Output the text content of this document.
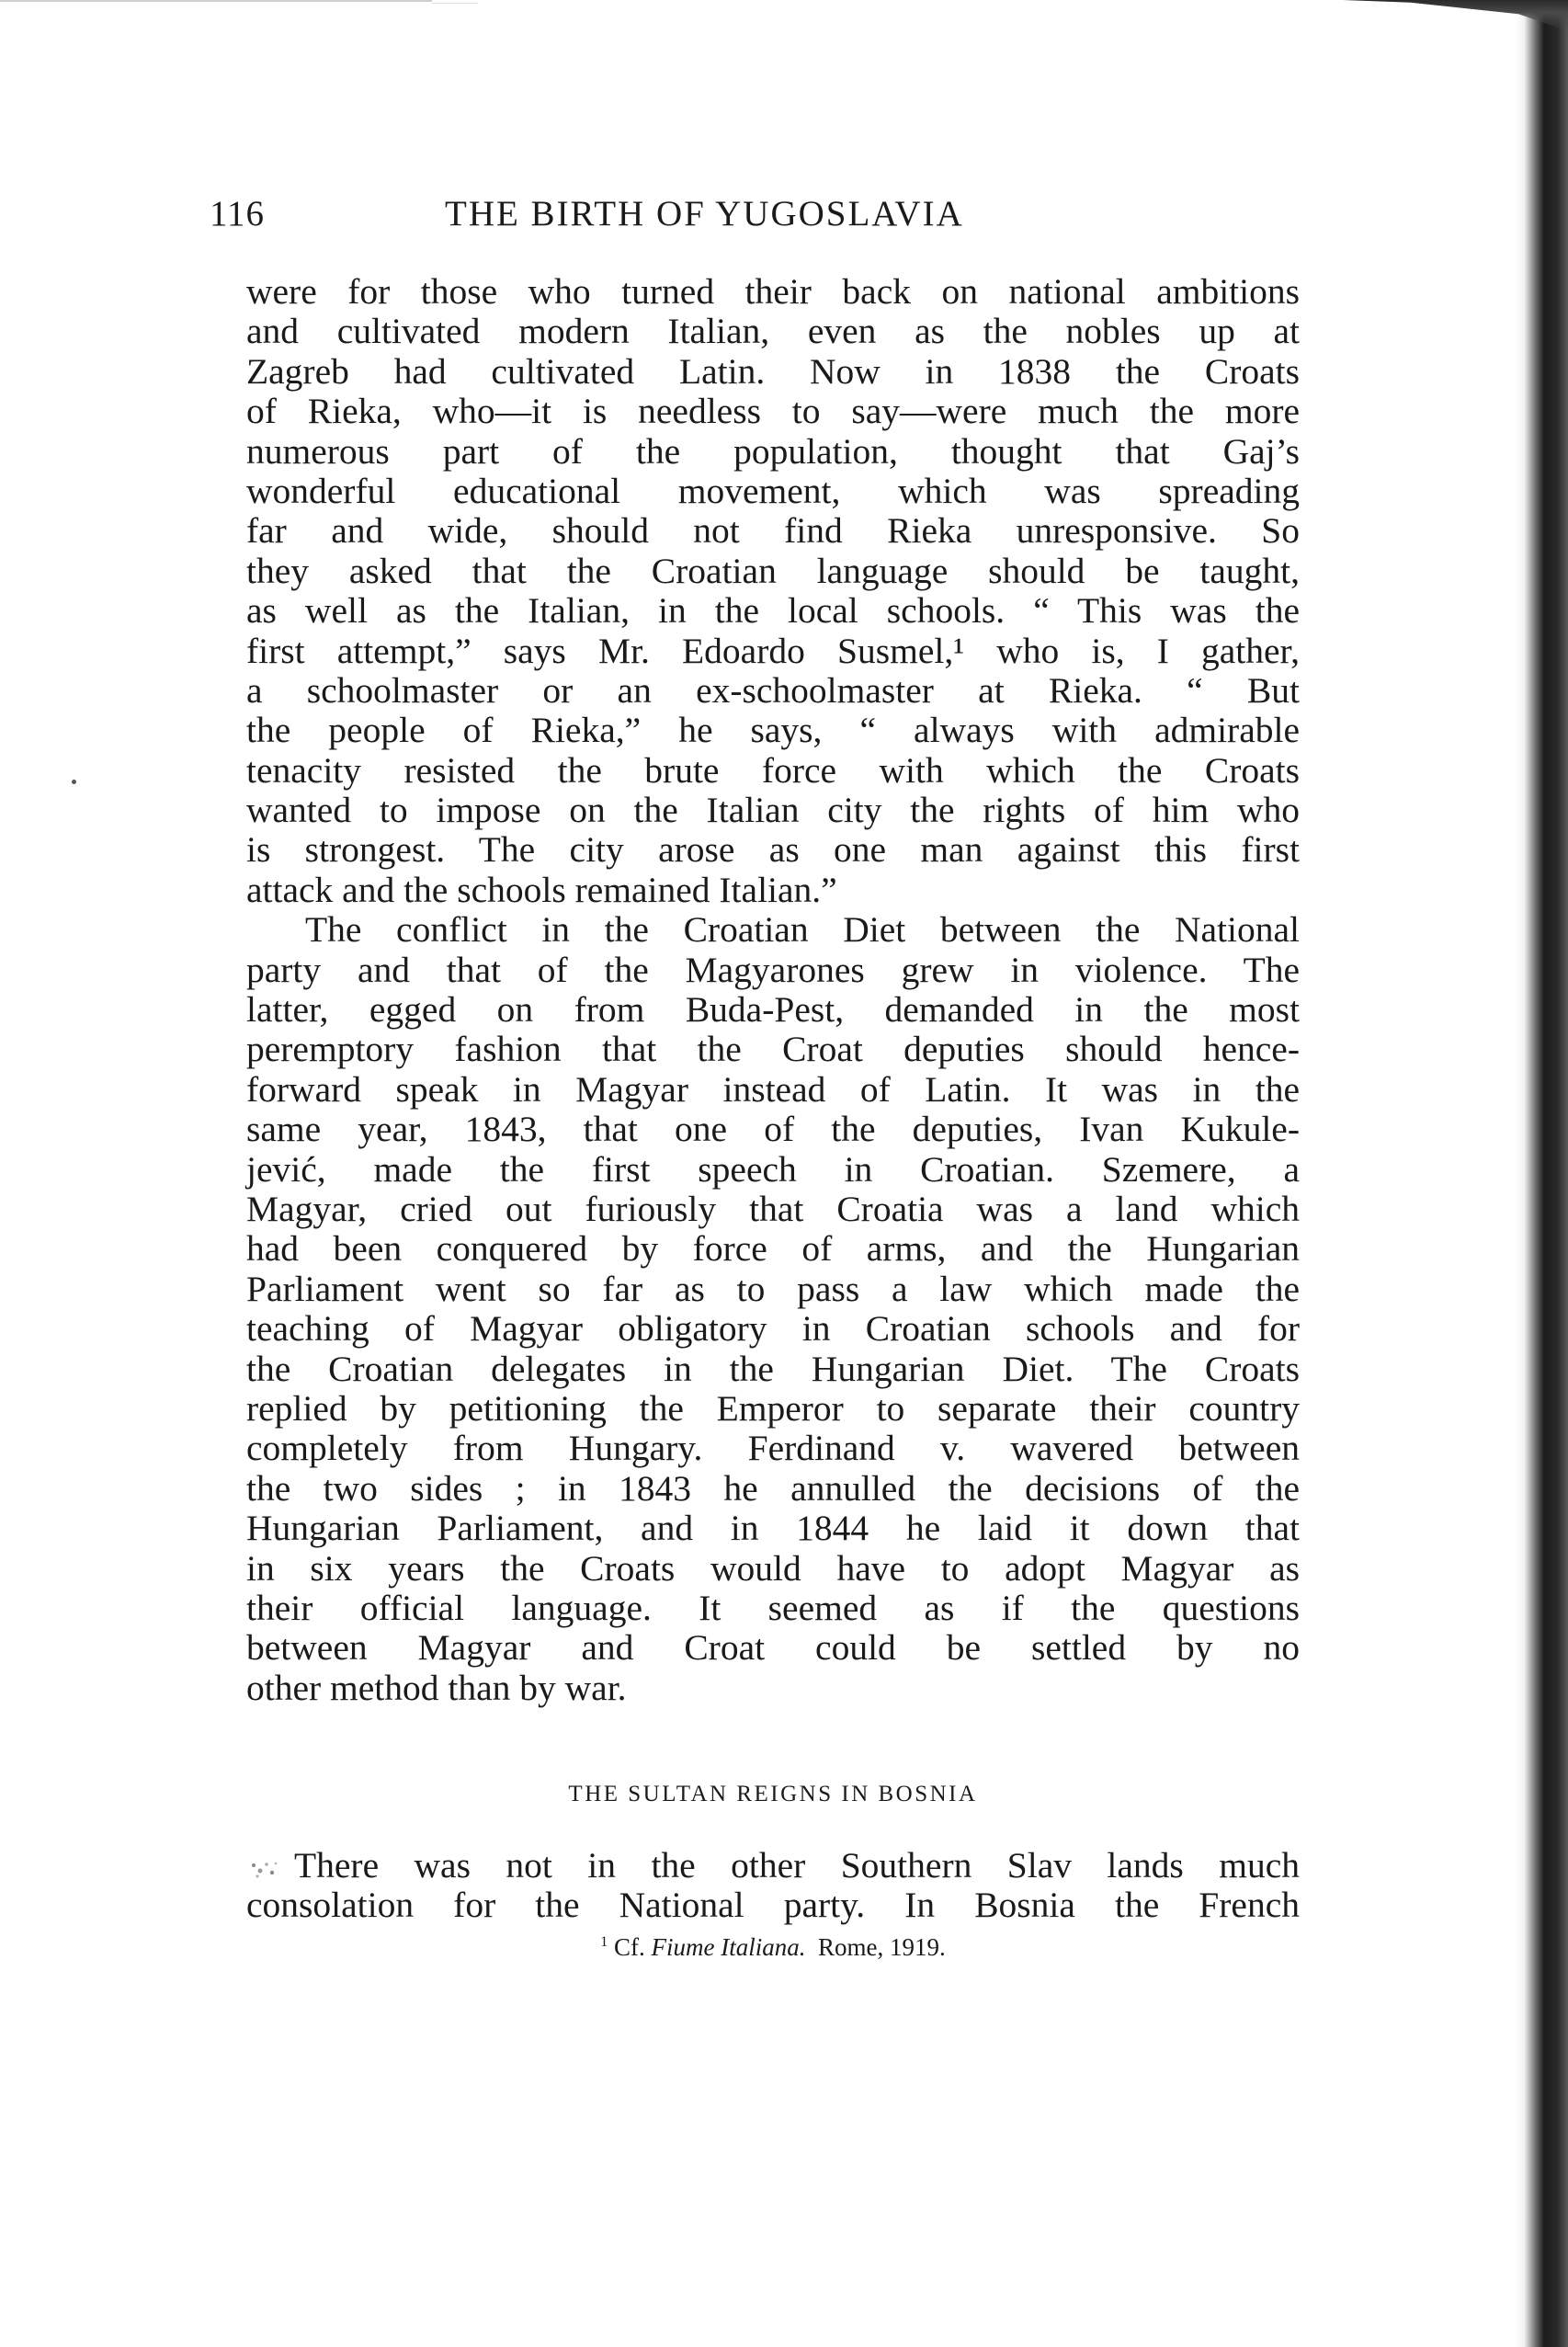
116	THE BIRTH OF YUGOSLAVIA
were for those who turned their back on national ambitions
and cultivated modern Italian, even as the nobles up at
Zagreb had cultivated Latin. Now in 1838 the Croats
of Rieka, who—it is needless to say—were much the more
numerous part of the population, thought that Gaj’s
wonderful educational movement, which was spreading
far and wide, should not find Rieka unresponsive. So
they asked that the Croatian language should be taught,
as well as the Italian, in the local schools. “ This was the
first attempt,” says Mr. Edoardo Susmel,¹ who is, I gather,
a schoolmaster or an ex-schoolmaster at Rieka. “ But
the people of Rieka,” he says, “ always with admirable
tenacity resisted the brute force with which the Croats
wanted to impose on the Italian city the rights of him who
is strongest. The city arose as one man against this first
attack and the schools remained Italian.”
The conflict in the Croatian Diet between the National
party and that of the Magyarones grew in violence. The
latter, egged on from Buda-Pest, demanded in the most
peremptory fashion that the Croat deputies should hence-
forward speak in Magyar instead of Latin. It was in the
same year, 1843, that one of the deputies, Ivan Kukule-
jević, made the first speech in Croatian. Szemere, a
Magyar, cried out furiously that Croatia was a land which
had been conquered by force of arms, and the Hungarian
Parliament went so far as to pass a law which made the
teaching of Magyar obligatory in Croatian schools and for
the Croatian delegates in the Hungarian Diet. The Croats
replied by petitioning the Emperor to separate their country
completely from Hungary. Ferdinand v. wavered between
the two sides ; in 1843 he annulled the decisions of the
Hungarian Parliament, and in 1844 he laid it down that
in six years the Croats would have to adopt Magyar as
their official language. It seemed as if the questions
between Magyar and Croat could be settled by no
other method than by war.
THE SULTAN REIGNS IN BOSNIA
There was not in the other Southern Slav lands much
consolation for the National party. In Bosnia the French
$^1$ Cf. Fiume Italiana. Rome, 1919.
